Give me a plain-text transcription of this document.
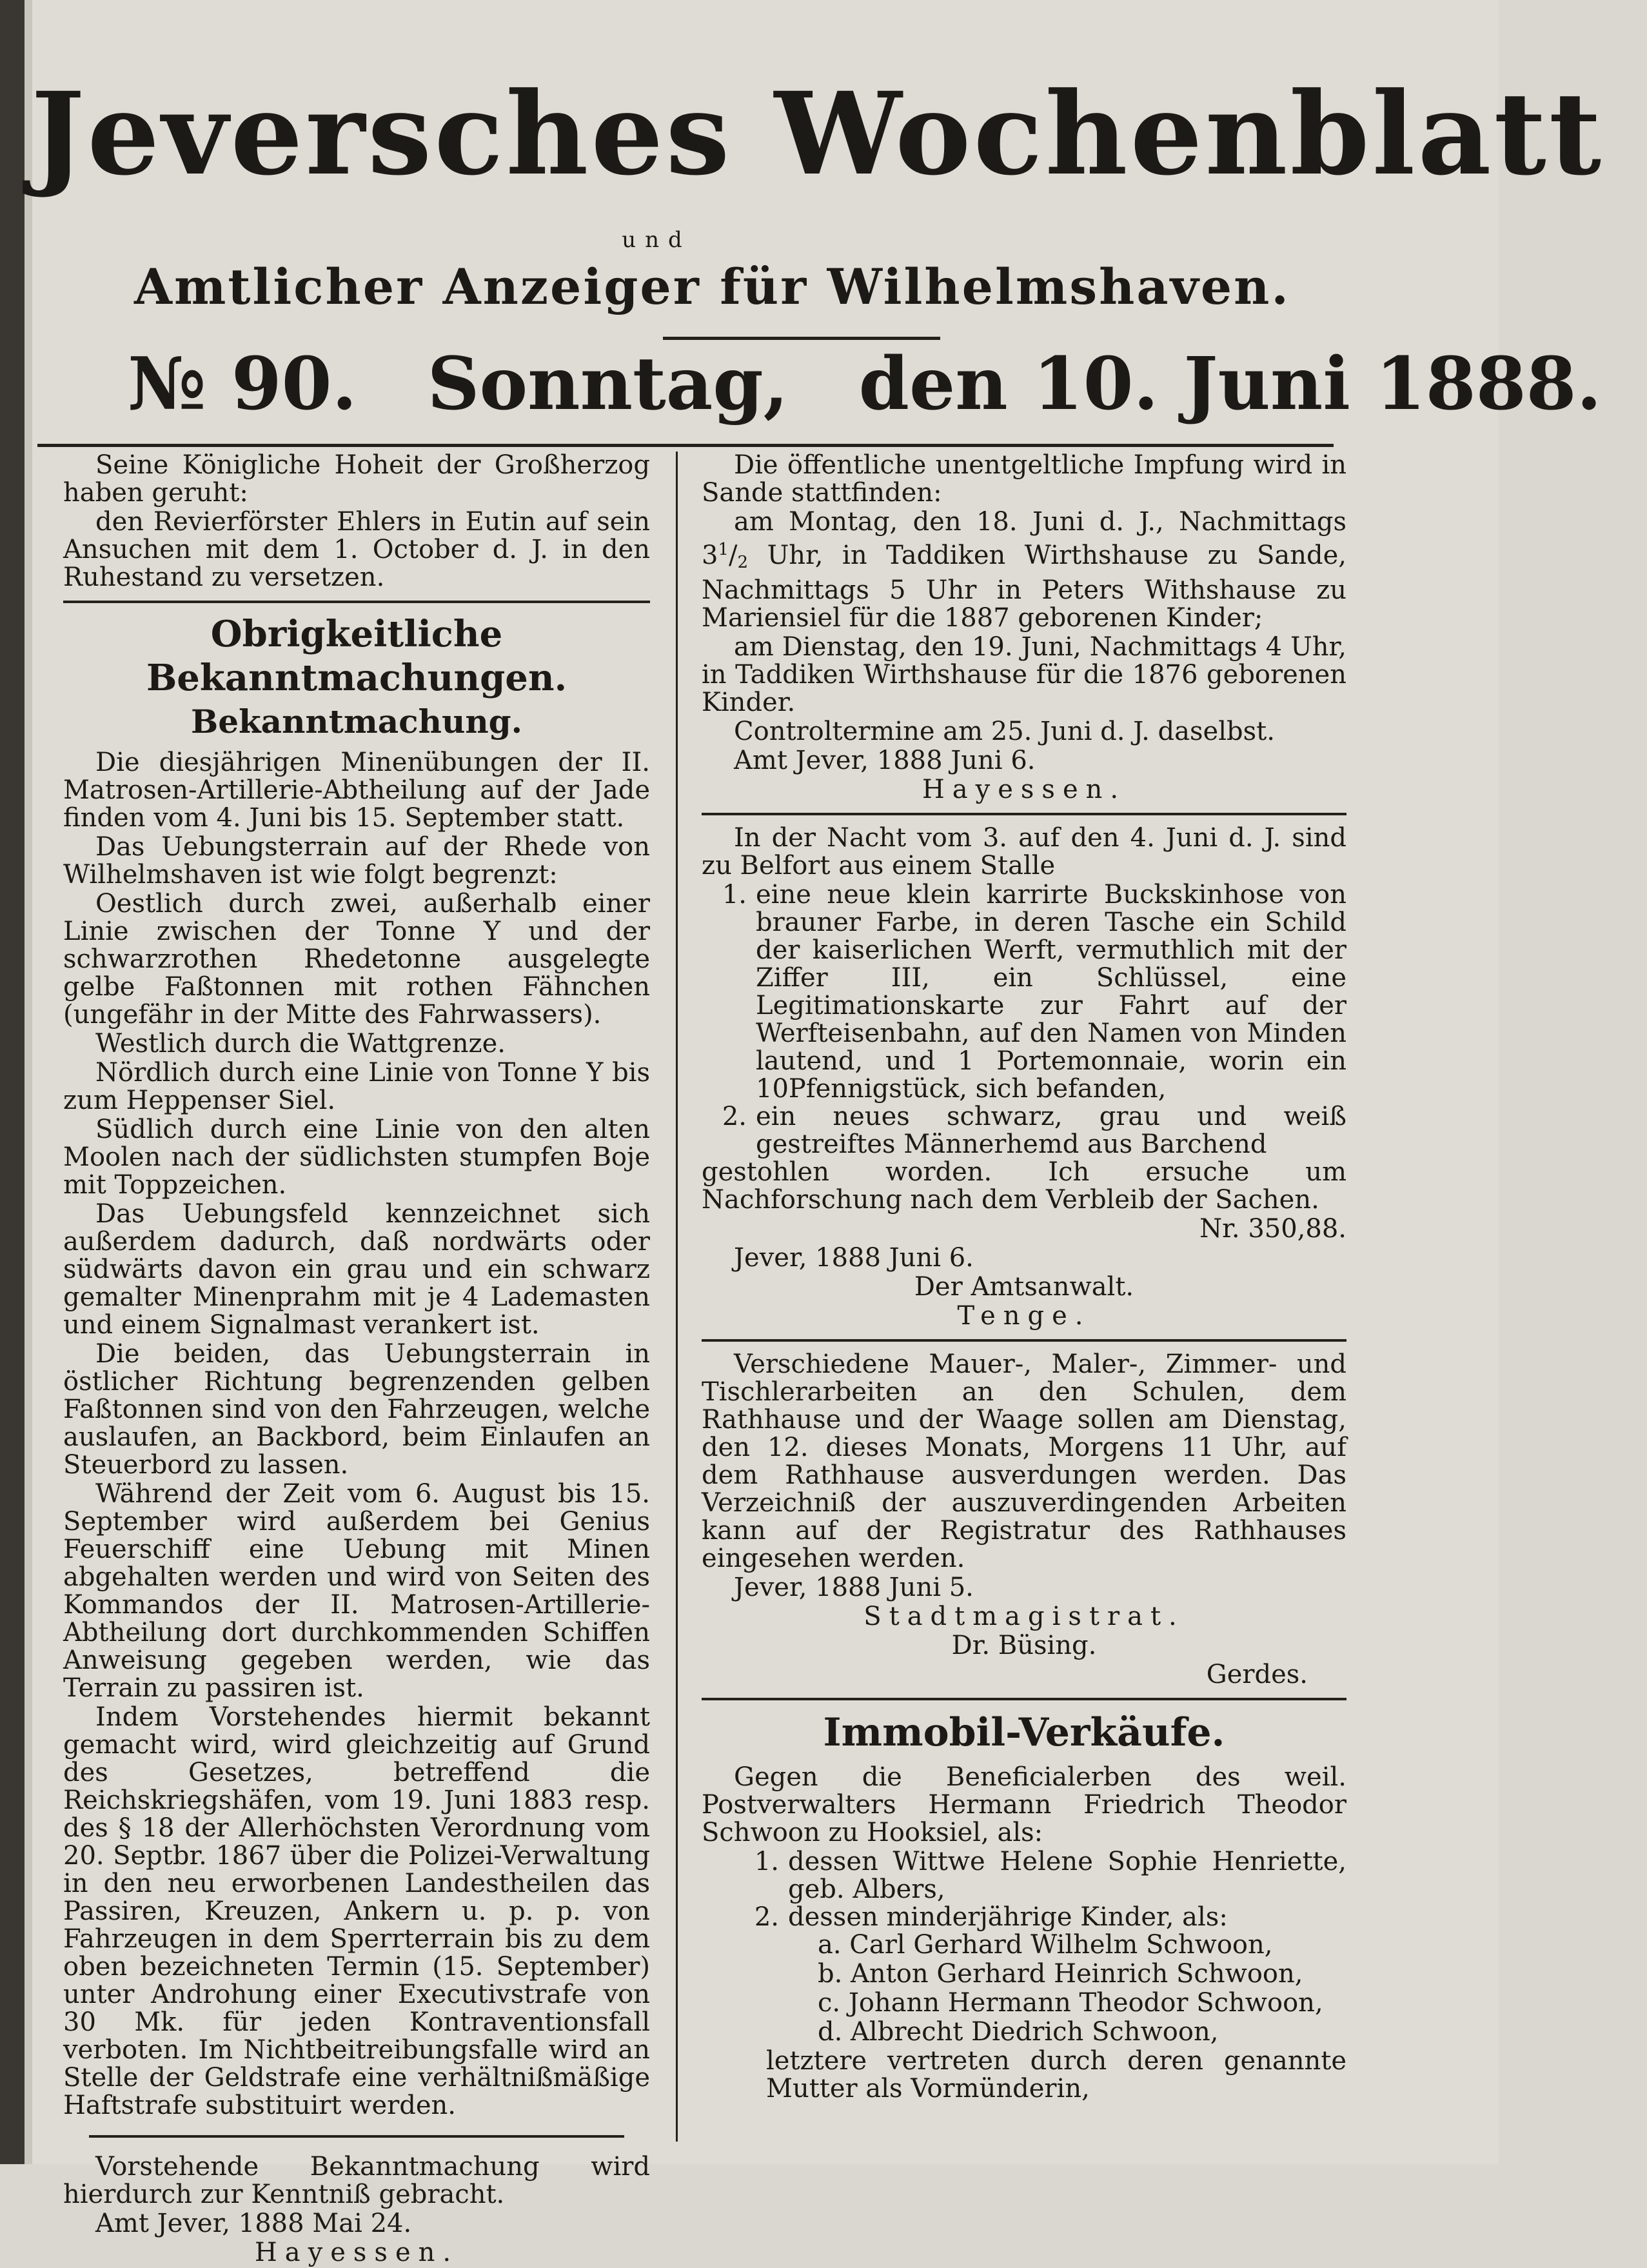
Jeversches Wochenblatt
und
Amtlicher Anzeiger für Wilhelmshaven.
№ 90. Sonntag, den 10. Juni 1888.

Seine Königliche Hoheit der Großherzog haben geruht:

den Revierförster Ehlers in Eutin auf sein Ansuchen mit dem 1. October d. J. in den Ruhestand zu versetzen.

Obrigkeitliche Bekanntmachungen.
Bekanntmachung.

Die diesjährigen Minenübungen der II. Matrosen-Artillerie-Abtheilung auf der Jade finden vom 4. Juni bis 15. September statt.

Das Uebungsterrain auf der Rhede von Wilhelmshaven ist wie folgt begrenzt:

Oestlich durch zwei, außerhalb einer Linie zwischen der Tonne Y und der schwarzrothen Rhedetonne ausgelegte gelbe Faßtonnen mit rothen Fähnchen (ungefähr in der Mitte des Fahrwassers).

Westlich durch die Wattgrenze.

Nördlich durch eine Linie von Tonne Y bis zum Heppenser Siel.

Südlich durch eine Linie von den alten Moolen nach der südlichsten stumpfen Boje mit Toppzeichen.

Das Uebungsfeld kennzeichnet sich außerdem dadurch, daß nordwärts oder südwärts davon ein grau und ein schwarz gemalter Minenprahm mit je 4 Lademasten und einem Signalmast verankert ist.

Die beiden, das Uebungsterrain in östlicher Richtung begrenzenden gelben Faßtonnen sind von den Fahrzeugen, welche auslaufen, an Backbord, beim Einlaufen an Steuerbord zu lassen.

Während der Zeit vom 6. August bis 15. September wird außerdem bei Genius Feuerschiff eine Uebung mit Minen abgehalten werden und wird von Seiten des Kommandos der II. Matrosen-Artillerie-Abtheilung dort durchkommenden Schiffen Anweisung gegeben werden, wie das Terrain zu passiren ist.

Indem Vorstehendes hiermit bekannt gemacht wird, wird gleichzeitig auf Grund des Gesetzes, betreffend die Reichskriegshäfen, vom 19. Juni 1883 resp. des § 18 der Allerhöchsten Verordnung vom 20. Septbr. 1867 über die Polizei-Verwaltung in den neu erworbenen Landestheilen das Passiren, Kreuzen, Ankern u. p. p. von Fahrzeugen in dem Sperrterrain bis zu dem oben bezeichneten Termin (15. September) unter Androhung einer Executivstrafe von 30 Mk. für jeden Kontraventionsfall verboten. Im Nichtbeitreibungsfalle wird an Stelle der Geldstrafe eine verhältnißmäßige Haftstrafe substituirt werden.

Vorstehende Bekanntmachung wird hierdurch zur Kenntniß gebracht.

Amt Jever, 1888 Mai 24.

Hayessen.

Die öffentliche unentgeltliche Impfung wird in Sande stattfinden:

am Montag, den 18. Juni d. J., Nachmittags $3^1/_2$ Uhr, in Taddiken Wirthshause zu Sande, Nachmittags 5 Uhr in Peters Withshause zu Mariensiel für die 1887 geborenen Kinder;

am Dienstag, den 19. Juni, Nachmittags 4 Uhr, in Taddiken Wirthshause für die 1876 geborenen Kinder.

Controltermine am 25. Juni d. J. daselbst.

Amt Jever, 1888 Juni 6.

Hayessen.

In der Nacht vom 3. auf den 4. Juni d. J. sind zu Belfort aus einem Stalle

1. eine neue klein karrirte Buckskinhose von brauner Farbe, in deren Tasche ein Schild der kaiserlichen Werft, vermuthlich mit der Ziffer III, ein Schlüssel, eine Legitimationskarte zur Fahrt auf der Werfteisenbahn, auf den Namen von Minden lautend, und 1 Portemonnaie, worin ein 10Pfennigstück, sich befanden,
2. ein neues schwarz, grau und weiß gestreiftes Männerhemd aus Barchend

gestohlen worden. Ich ersuche um Nachforschung nach dem Verbleib der Sachen.

Nr. 350,88.

Jever, 1888 Juni 6.

Der Amtsanwalt.

Tenge.

Verschiedene Mauer-, Maler-, Zimmer- und Tischlerarbeiten an den Schulen, dem Rathhause und der Waage sollen am Dienstag, den 12. dieses Monats, Morgens 11 Uhr, auf dem Rathhause ausverdungen werden. Das Verzeichniß der auszuverdingenden Arbeiten kann auf der Registratur des Rathhauses eingesehen werden.

Jever, 1888 Juni 5.

Stadtmagistrat.

Dr. Büsing.

Gerdes.

Immobil-Verkäufe.

Gegen die Beneficialerben des weil. Postverwalters Hermann Friedrich Theodor Schwoon zu Hooksiel, als:

1. dessen Wittwe Helene Sophie Henriette, geb. Albers,
2. dessen minderjährige Kinder, als:

a. Carl Gerhard Wilhelm Schwoon,

b. Anton Gerhard Heinrich Schwoon,

c. Johann Hermann Theodor Schwoon,

d. Albrecht Diedrich Schwoon,

letztere vertreten durch deren genannte Mutter als Vormünderin,
